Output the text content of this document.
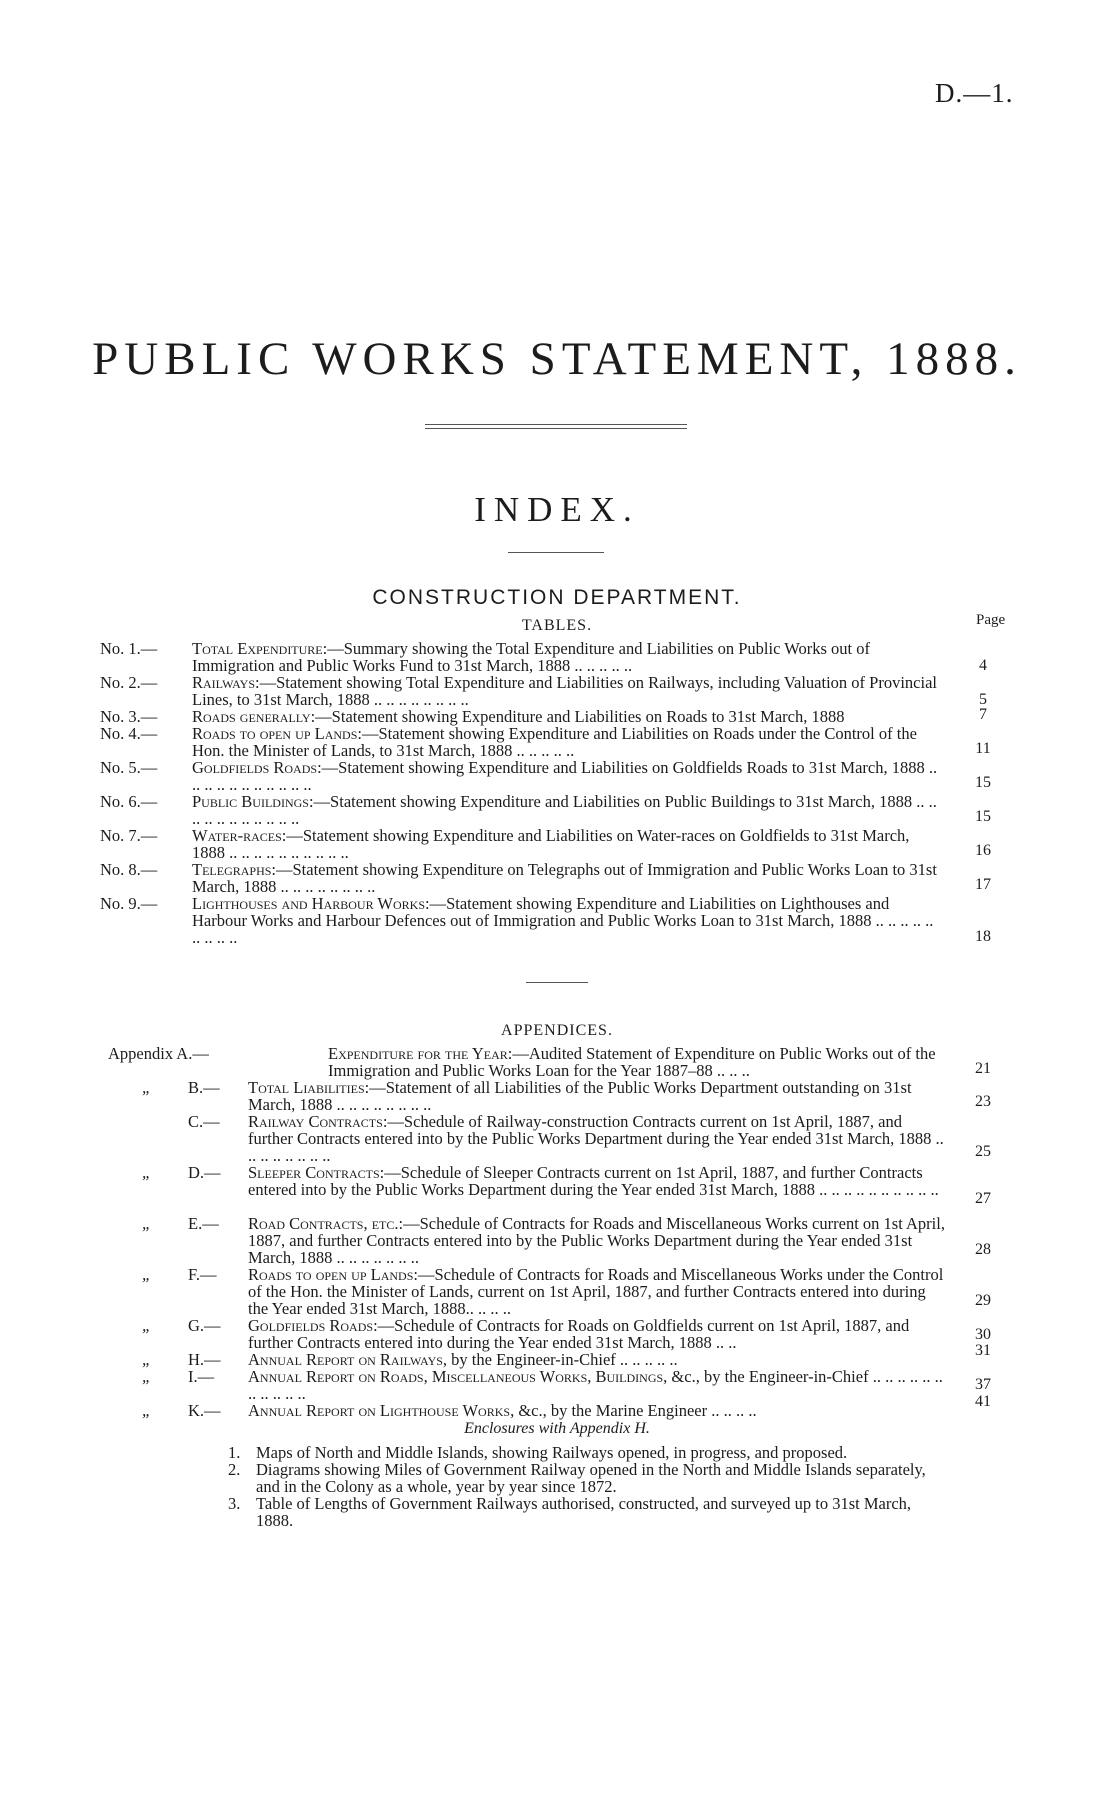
D.—1.
PUBLIC WORKS STATEMENT, 1888.
INDEX.
CONSTRUCTION DEPARTMENT.
TABLES.	Page
No. 1.— Total Expenditure:—Summary showing the Total Expenditure and Liabilities on Public Works out of Immigration and Public Works Fund to 31st March, 1888 .. .. .. .. ..	4
No. 2.— Railways:—Statement showing Total Expenditure and Liabilities on Railways, including Valuation of Provincial Lines, to 31st March, 1888 .. .. .. .. .. .. .. ..	5
No. 3.— Roads generally:—Statement showing Expenditure and Liabilities on Roads to 31st March, 1888	7
No. 4.— Roads to open up Lands:—Statement showing Expenditure and Liabilities on Roads under the Control of the Hon. the Minister of Lands, to 31st March, 1888 .. .. .. .. ..	11
No. 5.— Goldfields Roads:—Statement showing Expenditure and Liabilities on Goldfields Roads to 31st March, 1888 .. .. .. .. .. .. .. .. .. .. ..	15
No. 6.— Public Buildings:—Statement showing Expenditure and Liabilities on Public Buildings to 31st March, 1888 .. .. .. .. .. .. .. .. .. .. ..	15
No. 7.— Water-races:—Statement showing Expenditure and Liabilities on Water-races on Goldfields to 31st March, 1888 .. .. .. .. .. .. .. .. .. ..	16
No. 8.— Telegraphs:—Statement showing Expenditure on Telegraphs out of Immigration and Public Works Loan to 31st March, 1888 .. .. .. .. .. .. .. ..	17
No. 9.— Lighthouses and Harbour Works:—Statement showing Expenditure and Liabilities on Lighthouses and Harbour Works and Harbour Defences out of Immigration and Public Works Loan to 31st March, 1888 .. .. .. .. .. .. .. .. ..	18
APPENDICES.
Appendix A.—	Expenditure for the Year:—Audited Statement of Expenditure on Public Works out of the Immigration and Public Works Loan for the Year 1887–88 .. .. ..	21
„ B.— Total Liabilities:—Statement of all Liabilities of the Public Works Department outstanding on 31st March, 1888 .. .. .. .. .. .. .. ..	23
C.— Railway Contracts:—Schedule of Railway-construction Contracts current on 1st April, 1887, and further Contracts entered into by the Public Works Department during the Year ended 31st March, 1888 .. .. .. .. .. .. .. ..	25
„ D.— Sleeper Contracts:—Schedule of Sleeper Contracts current on 1st April, 1887, and further Contracts entered into by the Public Works Department during the Year ended 31st March, 1888 .. .. .. .. .. .. .. .. .. ..	27
„ E.— Road Contracts, etc.:—Schedule of Contracts for Roads and Miscellaneous Works current on 1st April, 1887, and further Contracts entered into by the Public Works Department during the Year ended 31st March, 1888 .. .. .. .. .. .. ..	28
„ F.— Roads to open up Lands:—Schedule of Contracts for Roads and Miscellaneous Works under the Control of the Hon. the Minister of Lands, current on 1st April, 1887, and further Contracts entered into during the Year ended 31st March, 1888.. .. .. ..	29
„ G.— Goldfields Roads:—Schedule of Contracts for Roads on Goldfields current on 1st April, 1887, and further Contracts entered into during the Year ended 31st March, 1888 .. ..	30
„ H.— Annual Report on Railways, by the Engineer-in-Chief .. .. .. .. ..	31
„ I.— Annual Report on Roads, Miscellaneous Works, Buildings, &c., by the Engineer-in-Chief .. .. .. .. .. .. .. .. .. .. ..	37
„ K.— Annual Report on Lighthouse Works, &c., by the Marine Engineer .. .. .. ..	41
Enclosures with Appendix H.
1. Maps of North and Middle Islands, showing Railways opened, in progress, and proposed.
2. Diagrams showing Miles of Government Railway opened in the North and Middle Islands separately, and in the Colony as a whole, year by year since 1872.
3. Table of Lengths of Government Railways authorised, constructed, and surveyed up to 31st March, 1888.
